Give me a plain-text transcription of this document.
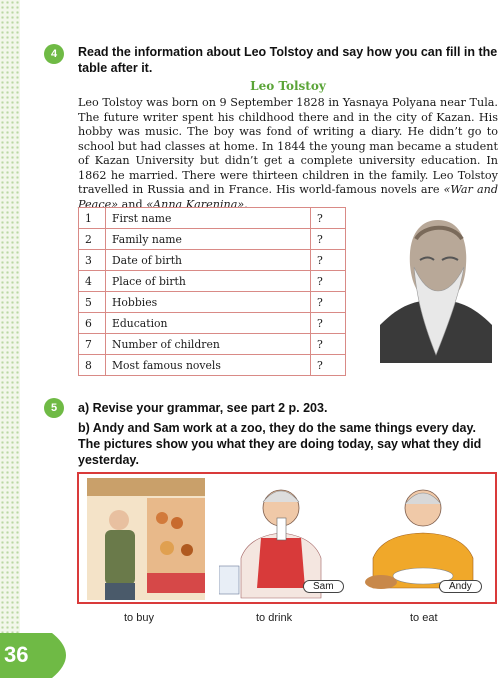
4	Read the information about Leo Tolstoy and say how you can fill in the table after it.
Leo Tolstoy
Leo Tolstoy was born on 9 September 1828 in Yasnaya Polyana near Tula. The future writer spent his childhood there and in the city of Kazan. His hobby was music. The boy was fond of writing a diary. He didn’t go to school but had classes at home. In 1844 the young man became a student of Kazan University but didn’t get a complete university education. In 1862 he married. There were thirteen children in the family. Leo Tolstoy travelled in Russia and in France. His world-famous novels are «War and Peace» and «Anna Karenina».
1	First name	?
2	Family name	?
3	Date of birth	?
4	Place of birth	?
5	Hobbies	?
6	Education	?
7	Number of children	?
8	Most famous novels	?
5	a) Revise your grammar, see part 2 p. 203.
b) Andy and Sam work at a zoo, they do the same things every day. The pictures show you what they are doing today, say what they did yesterday.
Sam	Andy
to buy	to drink	to eat
36
